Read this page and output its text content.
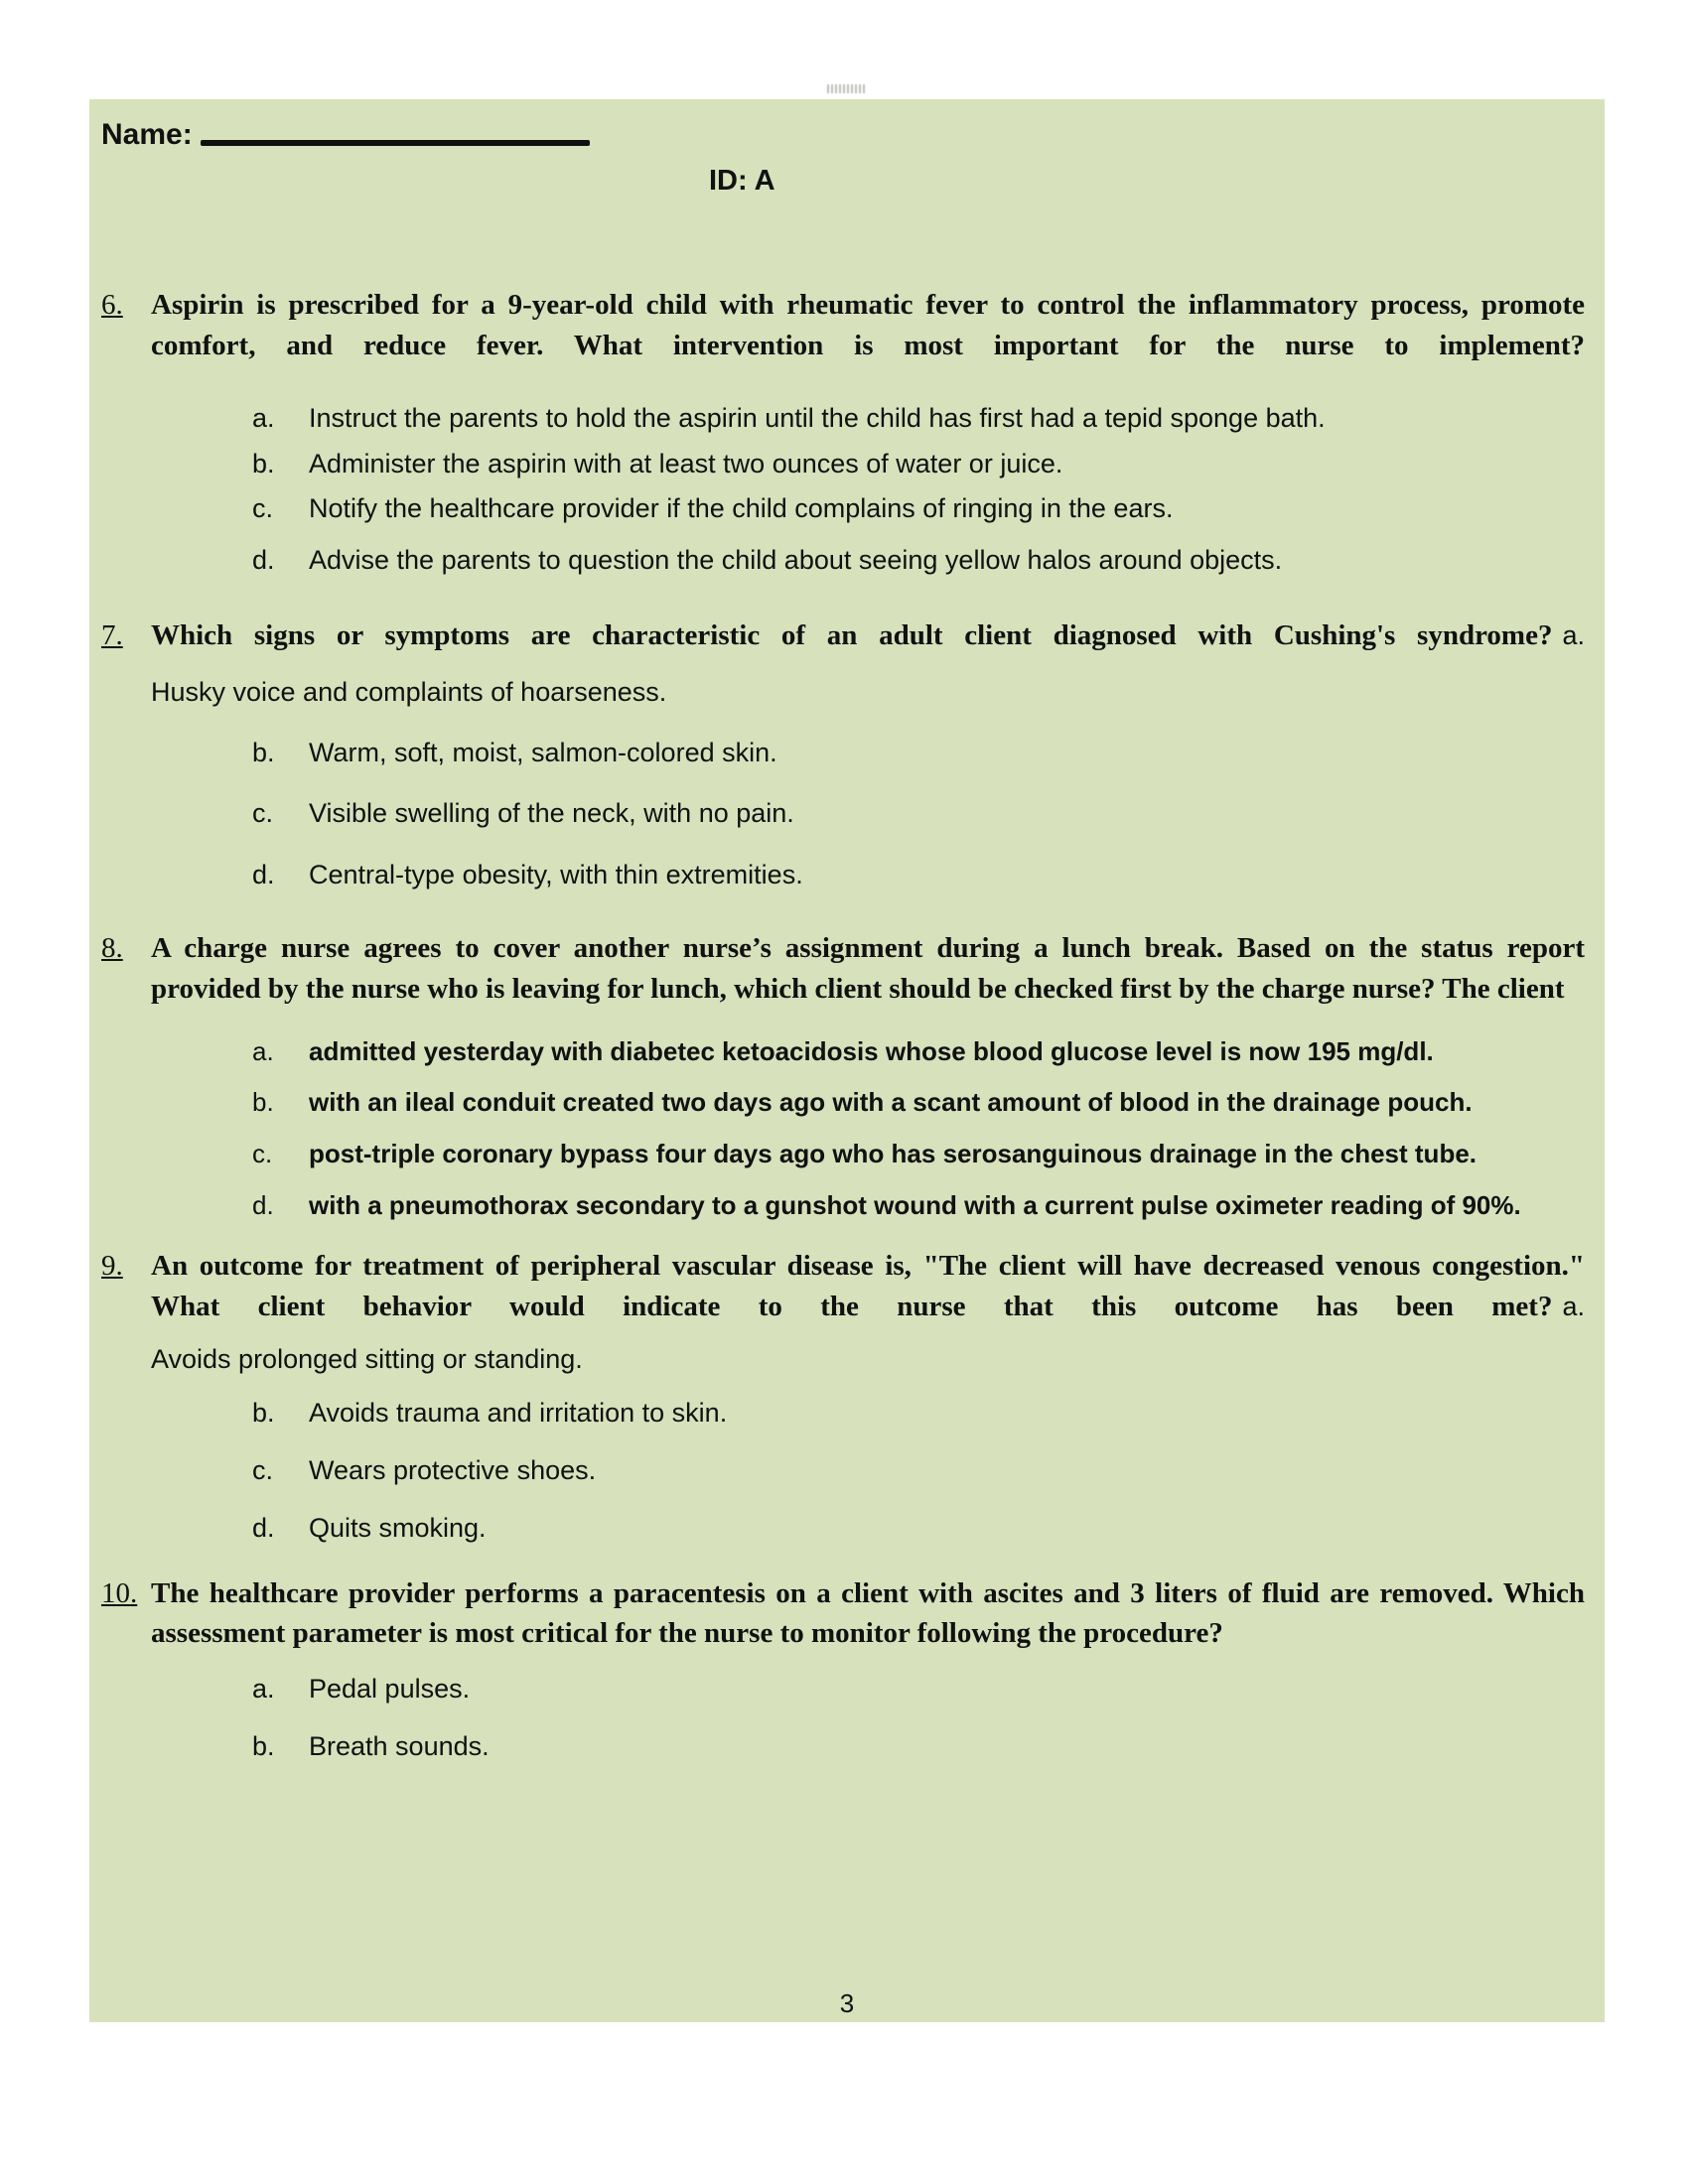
Name:
ID: A
6. Aspirin is prescribed for a 9-year-old child with rheumatic fever to control the inflammatory process, promote comfort, and reduce fever. What intervention is most important for the nurse to implement?
a.	Instruct the parents to hold the aspirin until the child has first had a tepid sponge bath.
b.	Administer the aspirin with at least two ounces of water or juice.
c.	Notify the healthcare provider if the child complains of ringing in the ears.
d.	Advise the parents to question the child about seeing yellow halos around objects.
7. Which signs or symptoms are characteristic of an adult client diagnosed with Cushing's syndrome? a.
Husky voice and complaints of hoarseness.
b.	Warm, soft, moist, salmon-colored skin.
c.	Visible swelling of the neck, with no pain.
d.	Central-type obesity, with thin extremities.
8. A charge nurse agrees to cover another nurse’s assignment during a lunch break. Based on the status report provided by the nurse who is leaving for lunch, which client should be checked first by the charge nurse? The client
a.	admitted yesterday with diabetec ketoacidosis whose blood glucose level is now 195 mg/dl.
b.	with an ileal conduit created two days ago with a scant amount of blood in the drainage pouch.
c.	post-triple coronary bypass four days ago who has serosanguinous drainage in the chest tube.
d.	with a pneumothorax secondary to a gunshot wound with a current pulse oximeter reading of 90%.
9. An outcome for treatment of peripheral vascular disease is, "The client will have decreased venous congestion." What client behavior would indicate to the nurse that this outcome has been met? a.
Avoids prolonged sitting or standing.
b.	Avoids trauma and irritation to skin.
c.	Wears protective shoes.
d.	Quits smoking.
10. The healthcare provider performs a paracentesis on a client with ascites and 3 liters of fluid are removed. Which assessment parameter is most critical for the nurse to monitor following the procedure?
a.	Pedal pulses.
b.	Breath sounds.
3
